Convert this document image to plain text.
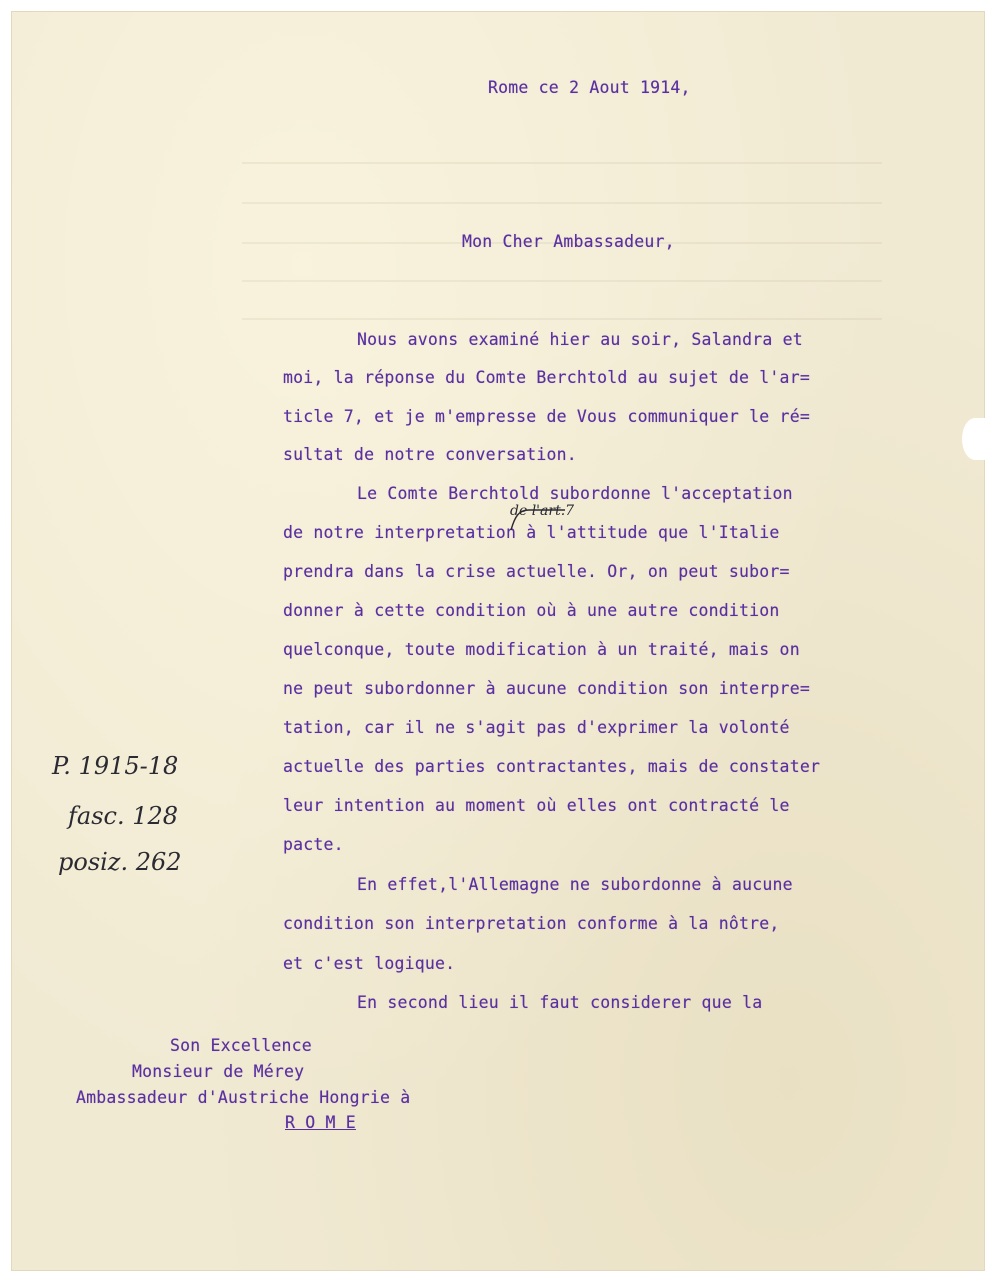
Rome ce 2 Aout 1914,
Mon Cher Ambassadeur,
Nous avons examiné hier au soir, Salandra et
moi, la réponse du Comte Berchtold au sujet de l'ar=
ticle 7, et je m'empresse de Vous communiquer le ré=
sultat de notre conversation.
Le Comte Berchtold subordonne l'acceptation
de notre interpretation à l'attitude que l'Italie
prendra dans la crise actuelle. Or, on peut subor=
donner à cette condition où à une autre condition
quelconque, toute modification à un traité, mais on
ne peut subordonner à aucune condition son interpre=
tation, car il ne s'agit pas d'exprimer la volonté
actuelle des parties contractantes, mais de constater
leur intention au moment où elles ont contracté le
pacte.
En effet,l'Allemagne ne subordonne à aucune
condition son interpretation conforme à la nôtre,
et c'est logique.
En second lieu il faut considerer que la
Son Excellence
Monsieur de Mérey
Ambassadeur d'Austriche Hongrie à
R O M E
de l'art.7
P. 1915-18
fasc. 128
posiz. 262
